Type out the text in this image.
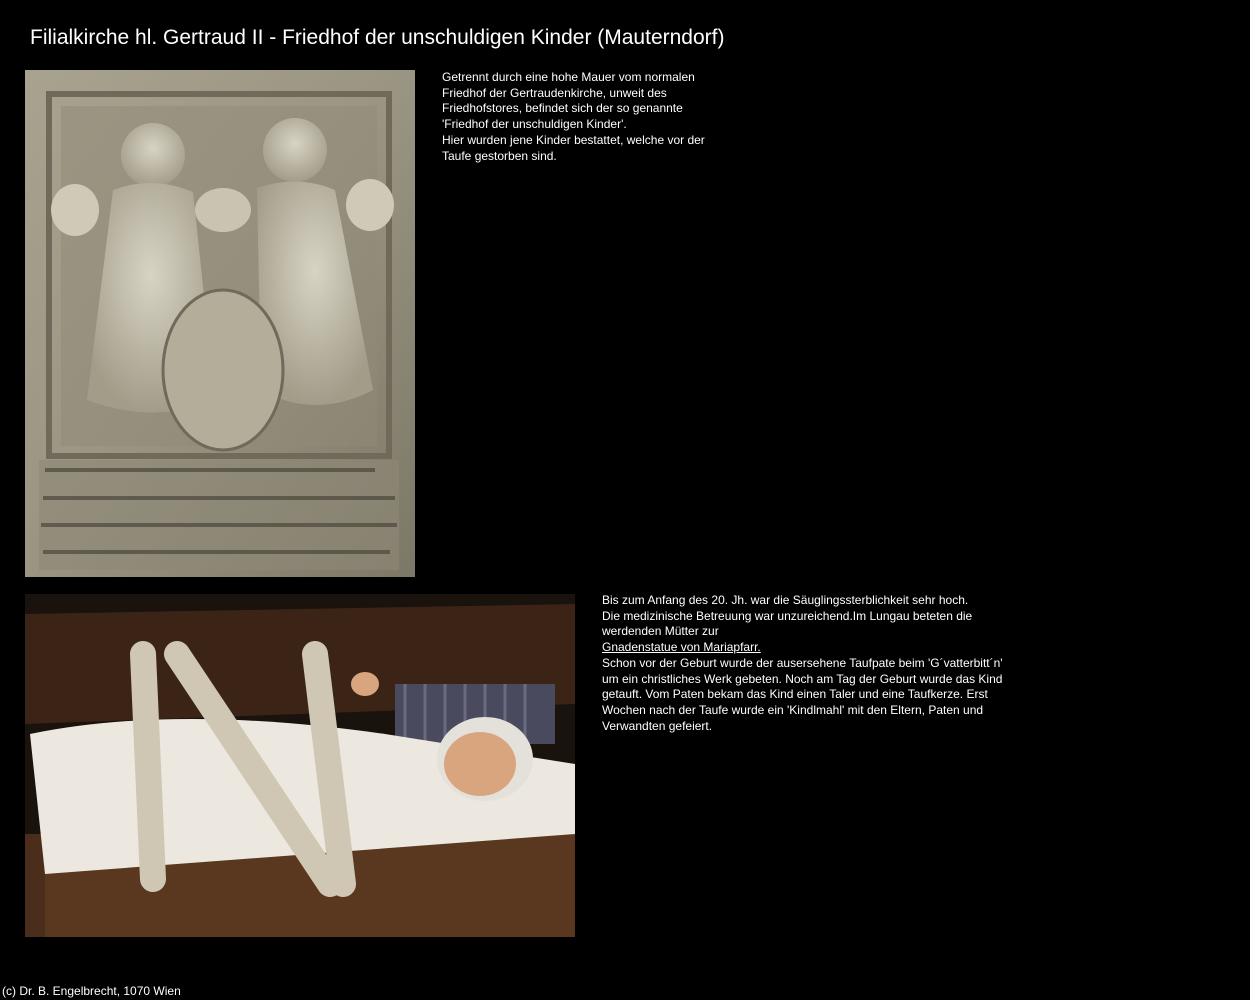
Filialkirche hl. Gertraud II - Friedhof der unschuldigen Kinder (Mauterndorf)

Getrennt durch eine hohe Mauer vom normalen

Friedhof der Gertraudenkirche, unweit des

Friedhofstores, befindet sich der so genannte

'Friedhof der unschuldigen Kinder'.

Hier wurden jene Kinder bestattet, welche vor der

Taufe gestorben sind.

Bis zum Anfang des 20. Jh. war die Säuglingssterblichkeit sehr hoch.

Die medizinische Betreuung war unzureichend.Im Lungau beteten die

werdenden Mütter zur

Gnadenstatue von Mariapfarr.

Schon vor der Geburt wurde der ausersehene Taufpate beim 'G´vatterbitt´n'

um ein christliches Werk gebeten. Noch am Tag der Geburt wurde das Kind

getauft. Vom Paten bekam das Kind einen Taler und eine Taufkerze. Erst

Wochen nach der Taufe wurde ein 'Kindlmahl' mit den Eltern, Paten und

Verwandten gefeiert.

(c) Dr. B. Engelbrecht, 1070 Wien
